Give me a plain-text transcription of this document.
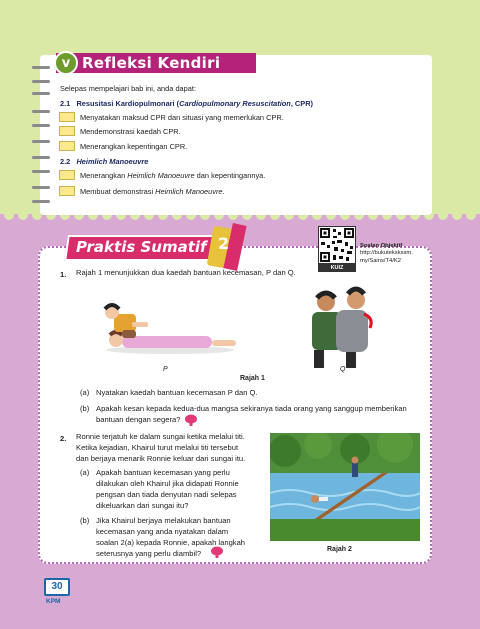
v Refleksi Kendiri
Selepas mempelajari bab ini, anda dapat:
2.1 Resusitasi Kardiopulmonari (Cardiopulmonary Resuscitation, CPR)
Menyatakan maksud CPR dan situasi yang memerlukan CPR.
Mendemonstrasi kaedah CPR.
Menerangkan kepentingan CPR.
2.2 Heimlich Manoeuvre
Menerangkan Heimlich Manoeuvre dan kepentingannya.
Membuat demonstrasi Heimlich Manoeuvre.
Praktis Sumatif 2
KUIZ
Soalan Objektif
http://bukutekskssm.
my/Sains/T4/K2
1. Rajah 1 menunjukkan dua kaedah bantuan kecemasan, P dan Q.
P	Q
Rajah 1
(a) Nyatakan kaedah bantuan kecemasan P dan Q.
(b) Apakah kesan kepada kedua-dua mangsa sekiranya tiada orang yang sanggup memberikan
bantuan dengan segera?
2. Ronnie terjatuh ke dalam sungai ketika melalui titi.
Ketika kejadian, Khairul turut melalui titi tersebut
dan berjaya menarik Ronnie keluar dari sungai itu.
(a) Apakah bantuan kecemasan yang perlu
dilakukan oleh Khairul jika didapati Ronnie
pengsan dan tiada denyutan nadi selepas
dikeluarkan dari sungai itu?
(b) Jika Khairul berjaya melakukan bantuan
kecemasan yang anda nyatakan dalam
soalan 2(a) kepada Ronnie, apakah langkah
seterusnya yang perlu diambil?	Rajah 2
30
KPM
